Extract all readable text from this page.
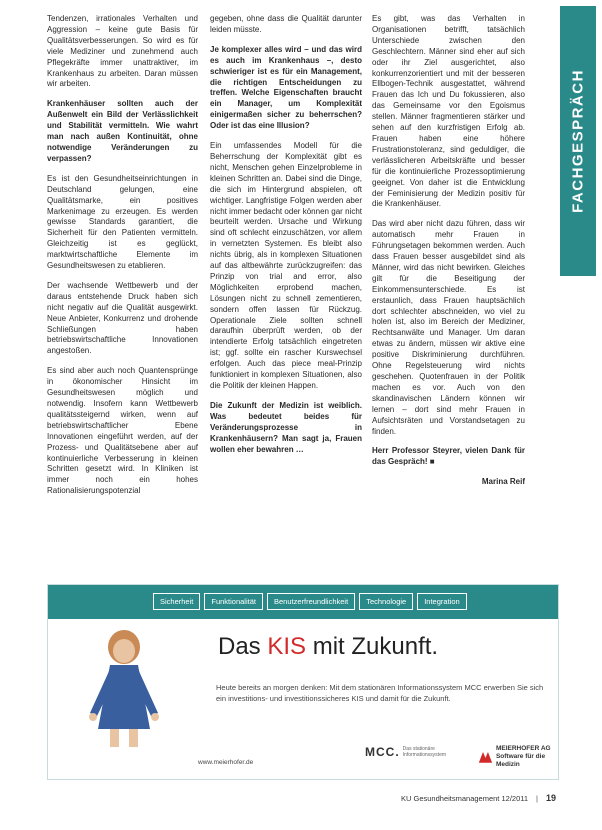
FACHGESPRÄCH

Tendenzen, irrationales Verhalten und Aggression – keine gute Basis für Qualitätsverbesserungen. So wird es für viele Mediziner und zunehmend auch Pflegekräfte immer unattraktiver, im Krankenhaus zu arbeiten. Daran müssen wir arbeiten.

Krankenhäuser sollten auch der Außenwelt ein Bild der Verlässlichkeit und Stabilität vermitteln. Wie wahrt man nach außen Kontinuität, ohne notwendige Veränderungen zu verpassen?

Es ist den Gesundheitseinrichtungen in Deutschland gelungen, eine Qualitätsmarke, ein positives Markenimage zu erzeugen. Es werden gewisse Standards garantiert, die Sicherheit für den Patienten vermitteln. Gleichzeitig ist es geglückt, marktwirtschaftliche Elemente im Gesundheitswesen zu etablieren.

Der wachsende Wettbewerb und der daraus entstehende Druck haben sich nicht negativ auf die Qualität ausgewirkt. Neue Anbieter, Konkurrenz und drohende Schließungen haben betriebswirtschaftliche Innovationen angestoßen.

Es sind aber auch noch Quantensprünge in ökonomischer Hinsicht im Gesundheitswesen möglich und notwendig. Insofern kann Wettbewerb qualitätssteigernd wirken, wenn auf betriebswirtschaftlicher Ebene Innovationen eingeführt werden, auf der Prozess- und Qualitätsebene aber auf kontinuierliche Verbesserung in kleinen Schritten gesetzt wird. In Kliniken ist immer noch ein hohes Rationalisierungspotenzial

gegeben, ohne dass die Qualität darunter leiden müsste.

Je komplexer alles wird – und das wird es auch im Krankenhaus –, desto schwieriger ist es für ein Management, die richtigen Entscheidungen zu treffen. Welche Eigenschaften braucht ein Manager, um Komplexität einigermaßen sicher zu beherrschen? Oder ist das eine Illusion?

Ein umfassendes Modell für die Beherrschung der Komplexität gibt es nicht, Menschen gehen Einzelprobleme in kleinen Schritten an. Dabei sind die Dinge, die sich im Hintergrund abspielen, oft wichtiger. Langfristige Folgen werden aber nicht immer bedacht oder können gar nicht beurteilt werden. Ursache und Wirkung sind oft schlecht einzuschätzen, vor allem in vernetzten Systemen. Es bleibt also nichts übrig, als in komplexen Situationen auf das altbewährte zurückzugreifen: das Prinzip von trial and error, also Möglichkeiten erprobend machen, Lösungen nicht zu schnell zementieren, sondern offen lassen für Rückzug. Operationale Ziele sollten schnell daraufhin überprüft werden, ob der intendierte Erfolg tatsächlich eingetreten ist; ggf. sollte ein rascher Kurswechsel erfolgen. Auch das piece meal-Prinzip funktioniert in komplexen Situationen, also die Politik der kleinen Happen.

Die Zukunft der Medizin ist weiblich. Was bedeutet beides für Veränderungsprozesse in Krankenhäusern? Man sagt ja, Frauen wollen eher bewahren …

Es gibt, was das Verhalten in Organisationen betrifft, tatsächlich Unterschiede zwischen den Geschlechtern. Männer sind eher auf sich oder ihr Ziel ausgerichtet, also konkurrenzorientiert und mit der besseren Ellbogen-Technik ausgestattet, während Frauen das Ich und Du fokussieren, also das Gemeinsame vor den Egoismus stellen. Männer fragmentieren stärker und sehen auf den kurzfristigen Erfolg ab. Frauen haben eine höhere Frustrationstoleranz, sind geduldiger, die verlässlicheren Arbeitskräfte und besser für die kontinuierliche Prozessoptimierung geeignet. Von daher ist die Entwicklung der Feminisierung der Medizin positiv für die Krankenhäuser.

Das wird aber nicht dazu führen, dass wir automatisch mehr Frauen in Führungsetagen bekommen werden. Auch dass Frauen besser ausgebildet sind als Männer, wird das nicht bewirken. Gleiches gilt für die Beseitigung der Einkommensunterschiede. Es ist erstaunlich, dass Frauen hauptsächlich dort schlechter abschneiden, wo viel zu holen ist, also im Bereich der Mediziner, Rechtsanwälte und Manager. Um daran etwas zu ändern, müssen wir aktive eine positive Diskriminierung durchführen. Ohne Regelsteuerung wird nichts geschehen. Quotenfrauen in der Politik machen es vor. Auch von den skandinavischen Ländern können wir lernen – dort sind mehr Frauen in Aufsichtsräten und Vorstandsetagen zu finden.

Herr Professor Steyrer, vielen Dank für das Gespräch! ■

Marina Reif

Sicherheit	Funktionalität	Benutzerfreundlichkeit	Technologie	Integration
Das KIS mit Zukunft.
Heute bereits an morgen denken: Mit dem stationären Informationssystem MCC erwerben Sie sich ein investitions- und investitionssicheres KIS und damit für die Zukunft.
www.meierhofer.de
MCC. Das stationäre Informationssystem
MEIERHOFER AG
Software für die Medizin
KU Gesundheitsmanagement 12/2011 | 19
